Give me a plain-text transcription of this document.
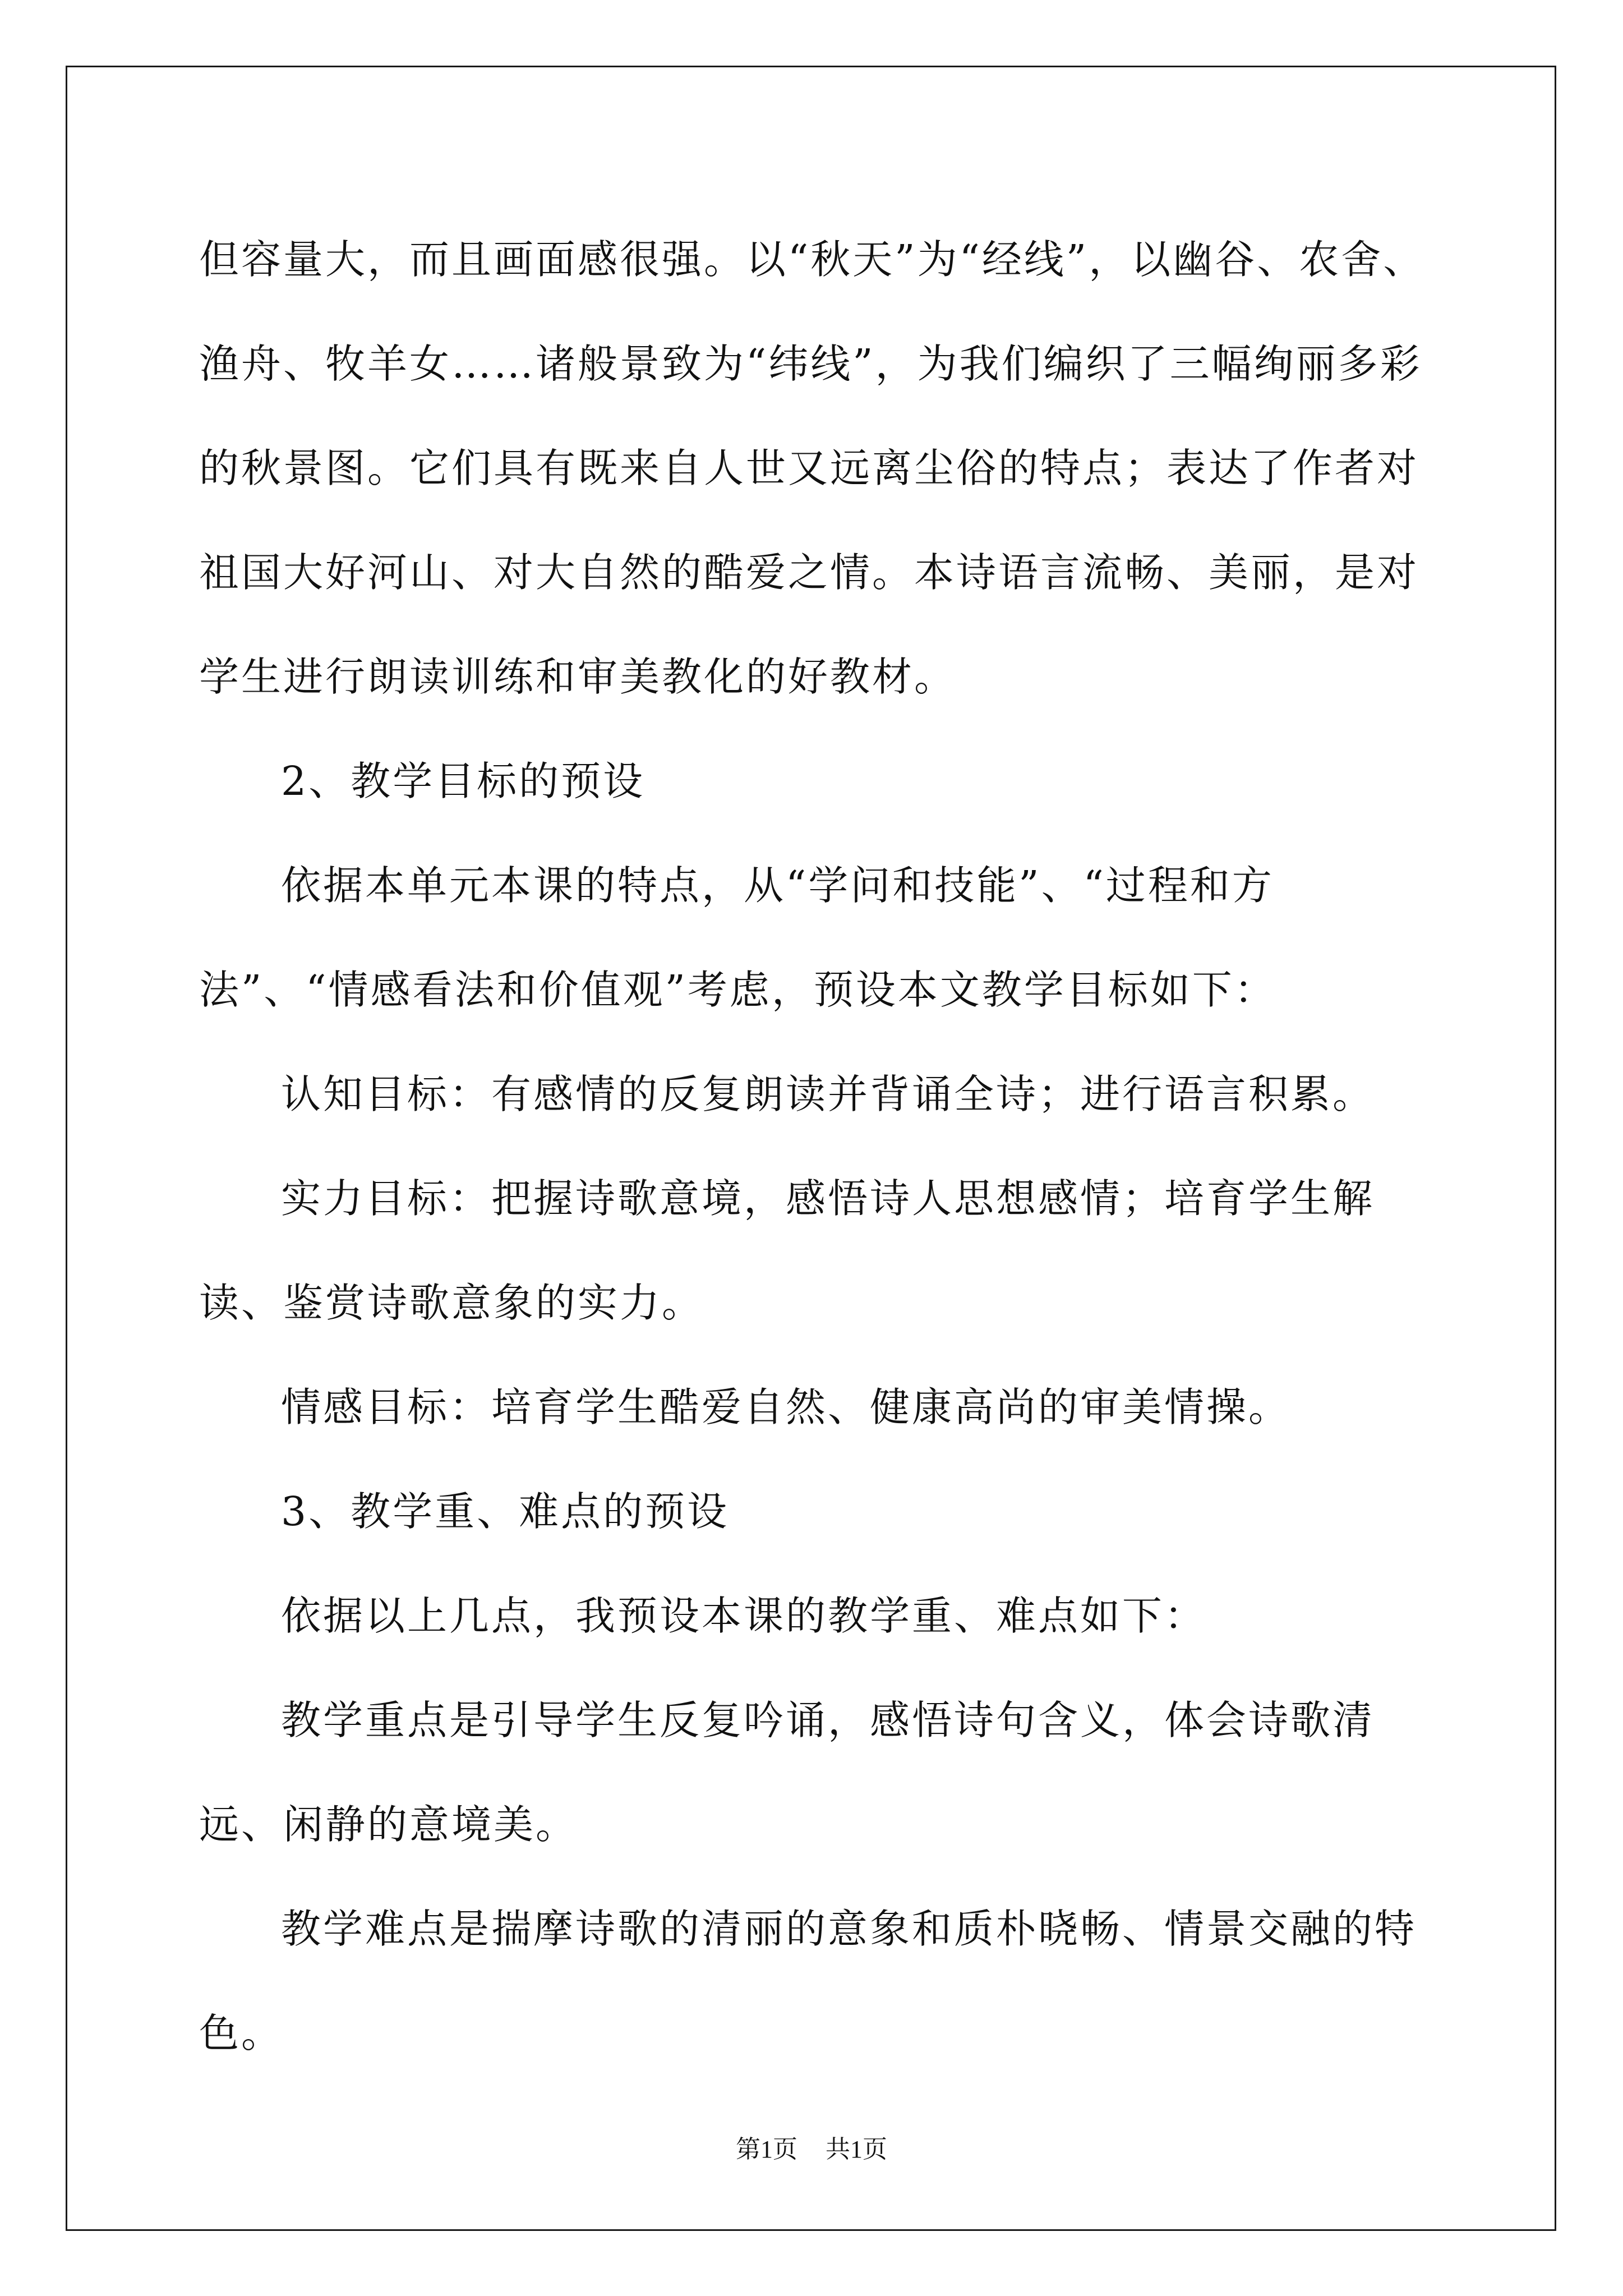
但容量大，而且画面感很强。以“秋天”为“经线”，以幽谷、农舍、渔舟、牧羊女……诸般景致为“纬线”，为我们编织了三幅绚丽多彩的秋景图。它们具有既来自人世又远离尘俗的特点；表达了作者对祖国大好河山、对大自然的酷爱之情。本诗语言流畅、美丽，是对学生进行朗读训练和审美教化的好教材。

2、教学目标的预设

依据本单元本课的特点，从“学问和技能”、“过程和方法”、“情感看法和价值观”考虑，预设本文教学目标如下：

认知目标：有感情的反复朗读并背诵全诗；进行语言积累。

实力目标：把握诗歌意境，感悟诗人思想感情；培育学生解读、鉴赏诗歌意象的实力。

情感目标：培育学生酷爱自然、健康高尚的审美情操。

3、教学重、难点的预设

依据以上几点，我预设本课的教学重、难点如下：

教学重点是引导学生反复吟诵，感悟诗句含义，体会诗歌清远、闲静的意境美。

教学难点是揣摩诗歌的清丽的意象和质朴晓畅、情景交融的特色。

第1页 共1页
